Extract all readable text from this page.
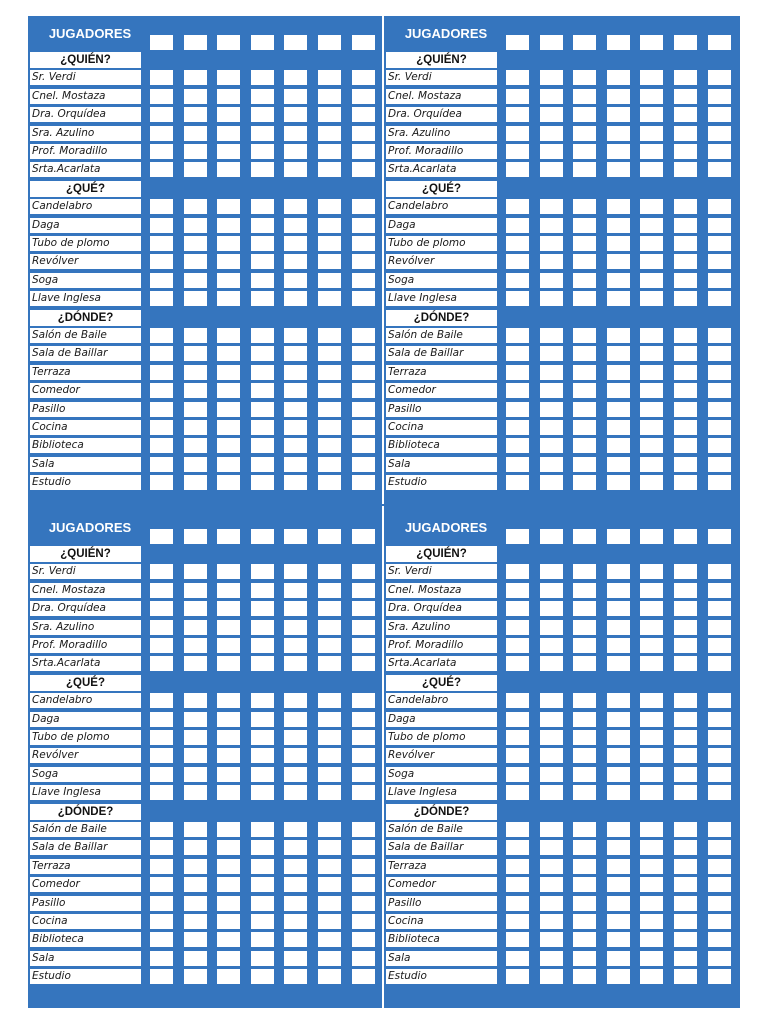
JUGADORES
¿QUIÉN?
Sr. Verdi
Cnel. Mostaza
Dra. Orquídea
Sra. Azulino
Prof. Moradillo
Srta.Acarlata
¿QUÉ?
Candelabro
Daga
Tubo de plomo
Revólver
Soga
Llave Inglesa
¿DÓNDE?
Salón de Baile
Sala de Baillar
Terraza
Comedor
Pasillo
Cocina
Biblioteca
Sala
Estudio
JUGADORES
¿QUIÉN?
Sr. Verdi
Cnel. Mostaza
Dra. Orquídea
Sra. Azulino
Prof. Moradillo
Srta.Acarlata
¿QUÉ?
Candelabro
Daga
Tubo de plomo
Revólver
Soga
Llave Inglesa
¿DÓNDE?
Salón de Baile
Sala de Baillar
Terraza
Comedor
Pasillo
Cocina
Biblioteca
Sala
Estudio
JUGADORES
¿QUIÉN?
Sr. Verdi
Cnel. Mostaza
Dra. Orquídea
Sra. Azulino
Prof. Moradillo
Srta.Acarlata
¿QUÉ?
Candelabro
Daga
Tubo de plomo
Revólver
Soga
Llave Inglesa
¿DÓNDE?
Salón de Baile
Sala de Baillar
Terraza
Comedor
Pasillo
Cocina
Biblioteca
Sala
Estudio
JUGADORES
¿QUIÉN?
Sr. Verdi
Cnel. Mostaza
Dra. Orquídea
Sra. Azulino
Prof. Moradillo
Srta.Acarlata
¿QUÉ?
Candelabro
Daga
Tubo de plomo
Revólver
Soga
Llave Inglesa
¿DÓNDE?
Salón de Baile
Sala de Baillar
Terraza
Comedor
Pasillo
Cocina
Biblioteca
Sala
Estudio
